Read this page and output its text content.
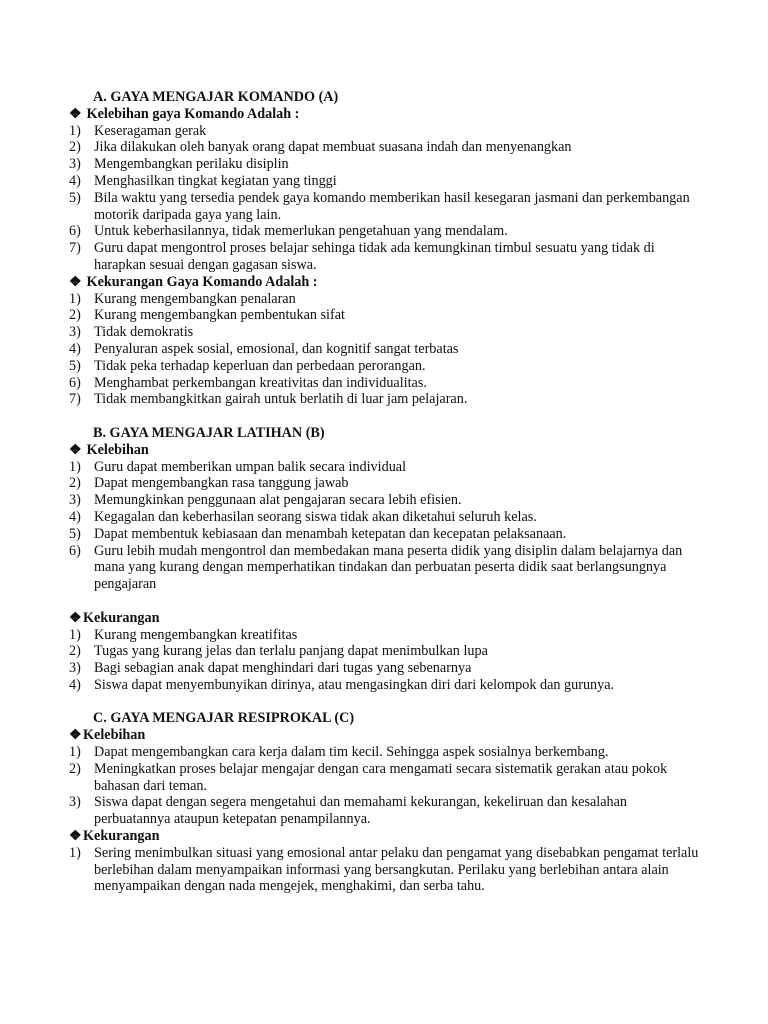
A. GAYA MENGAJAR KOMANDO (A)
❖ Kelebihan gaya Komando Adalah :
1) Keseragaman gerak
2) Jika dilakukan oleh banyak orang dapat membuat suasana indah dan menyenangkan
3) Mengembangkan perilaku disiplin
4) Menghasilkan tingkat kegiatan yang tinggi
5) Bila waktu yang tersedia pendek gaya komando memberikan hasil kesegaran jasmani dan perkembangan motorik daripada gaya yang lain.
6) Untuk keberhasilannya, tidak memerlukan pengetahuan yang mendalam.
7) Guru dapat mengontrol proses belajar sehinga tidak ada kemungkinan timbul sesuatu yang tidak di harapkan sesuai dengan gagasan siswa.
❖ Kekurangan Gaya Komando Adalah :
1) Kurang mengembangkan penalaran
2) Kurang mengembangkan pembentukan sifat
3) Tidak demokratis
4) Penyaluran aspek sosial, emosional, dan kognitif sangat terbatas
5) Tidak peka terhadap keperluan dan perbedaan perorangan.
6) Menghambat perkembangan kreativitas dan individualitas.
7) Tidak membangkitkan gairah untuk berlatih di luar jam pelajaran.
B. GAYA MENGAJAR LATIHAN (B)
❖ Kelebihan
1) Guru dapat memberikan umpan balik secara individual
2) Dapat mengembangkan rasa tanggung jawab
3) Memungkinkan penggunaan alat pengajaran secara lebih efisien.
4) Kegagalan dan keberhasilan seorang siswa tidak akan diketahui seluruh kelas.
5) Dapat membentuk kebiasaan dan menambah ketepatan dan kecepatan pelaksanaan.
6) Guru lebih mudah mengontrol dan membedakan mana peserta didik yang disiplin dalam belajarnya dan mana yang kurang dengan memperhatikan tindakan dan perbuatan peserta didik saat berlangsungnya pengajaran
❖Kekurangan
1) Kurang mengembangkan kreatifitas
2) Tugas yang kurang jelas dan terlalu panjang dapat menimbulkan lupa
3) Bagi sebagian anak dapat menghindari dari tugas yang sebenarnya
4) Siswa dapat menyembunyikan dirinya, atau mengasingkan diri dari kelompok dan gurunya.
C. GAYA MENGAJAR RESIPROKAL (C)
❖Kelebihan
1) Dapat mengembangkan cara kerja dalam tim kecil. Sehingga aspek sosialnya berkembang.
2) Meningkatkan proses belajar mengajar dengan cara mengamati secara sistematik gerakan atau pokok bahasan dari teman.
3) Siswa dapat dengan segera mengetahui dan memahami kekurangan, kekeliruan dan kesalahan perbuatannya ataupun ketepatan penampilannya.
❖Kekurangan
1) Sering menimbulkan situasi yang emosional antar pelaku dan pengamat yang disebabkan pengamat terlalu berlebihan dalam menyampaikan informasi yang bersangkutan. Perilaku yang berlebihan antara alain menyampaikan dengan nada mengejek, menghakimi, dan serba tahu.
